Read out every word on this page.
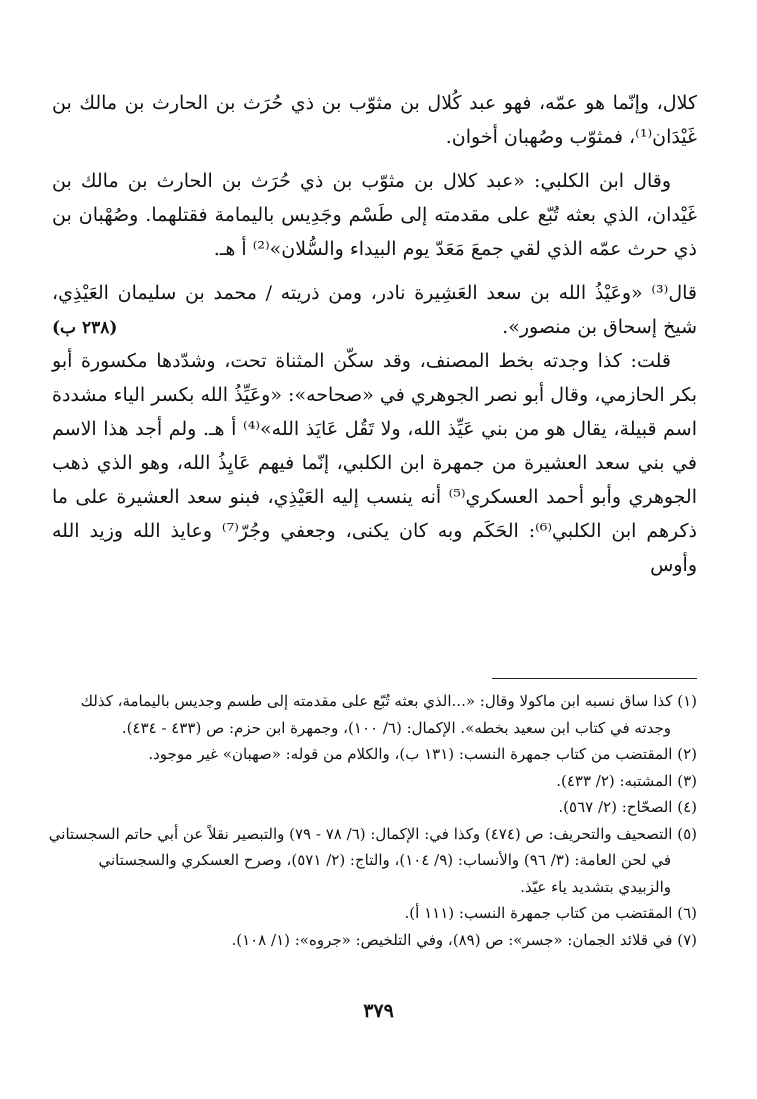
كلال، وإنّما هو عمّه، فهو عبد كُلال بن مثوّب بن ذي حُرَث بن الحارث بن مالك بن غَيْدَان⁽¹⁾، فمثوّب وصُهبان أخوان.

وقال ابن الكلبي: «عبد كلال بن مثوّب بن ذي حُرَث بن الحارث بن مالك بن غَيْدان، الذي بعثه تُبّع على مقدمته إلى طَسْم وجَدِيس باليمامة فقتلهما. وصُهْبان بن ذي حرث عمّه الذي لقي جمعَ مَعَدّ يوم البيداء والسُّلان»⁽²⁾ أ هـ.

قال⁽³⁾ «وعَيْذُ الله بن سعد العَشِيرة نادر، ومن ذريته / محمد بن سليمان العَيْذِي، شيخ إسحاق بن منصور».

قلت: كذا وجدته بخط المصنف، وقد سكّن المثناة تحت، وشدّدها مكسورة أبو بكر الحازمي، وقال أبو نصر الجوهري في «صحاحه»: «وعَيِّذُ الله بكسر الياء مشددة اسم قبيلة، يقال هو من بني عَيِّذ الله، ولا تَقُل عَايَذ الله»⁽⁴⁾ أ هـ. ولم أجد هذا الاسم في بني سعد العشيرة من جمهرة ابن الكلبي، إنّما فيهم عَايِذُ الله، وهو الذي ذهب الجوهري وأبو أحمد العسكري⁽⁵⁾ أنه ينسب إليه العَيْذِي، فبنو سعد العشيرة على ما ذكرهم ابن الكلبي⁽⁶⁾: الحَكَم وبه كان يكنى، وجعفي وجُرّ⁽⁷⁾ وعايذ الله وزيد الله وأوس

(٢٣٨ ب)

(١) كذا ساق نسبه ابن ماكولا وقال: «...الذي بعثه تُبّع على مقدمته إلى طسم وجديس باليمامة، كذلك وجدته في كتاب ابن سعيد بخطه». الإكمال: (٦/ ١٠٠)، وجمهرة ابن حزم: ص (٤٣٣ - ٤٣٤).

(٢) المقتضب من كتاب جمهرة النسب: (١٣١ ب)، والكلام من قوله: «صهبان» غير موجود.

(٣) المشتبه: (٢/ ٤٣٣).

(٤) الصحّاح: (٢/ ٥٦٧).

(٥) التصحيف والتحريف: ص (٤٧٤) وكذا في: الإكمال: (٦/ ٧٨ - ٧٩) والتبصير نقلاً عن أبي حاتم السجستاني في لحن العامة: (٣/ ٩٦) والأنساب: (٩/ ١٠٤)، والتاج: (٢/ ٥٧١)، وصرح العسكري والسجستاني والزبيدي بتشديد ياء عيّذ.

(٦) المقتضب من كتاب جمهرة النسب: (١١١ أ).

(٧) في قلائد الجمان: «جسر»: ص (٨٩)، وفي التلخيص: «جروه»: (١/ ١٠٨).

٣٧٩
